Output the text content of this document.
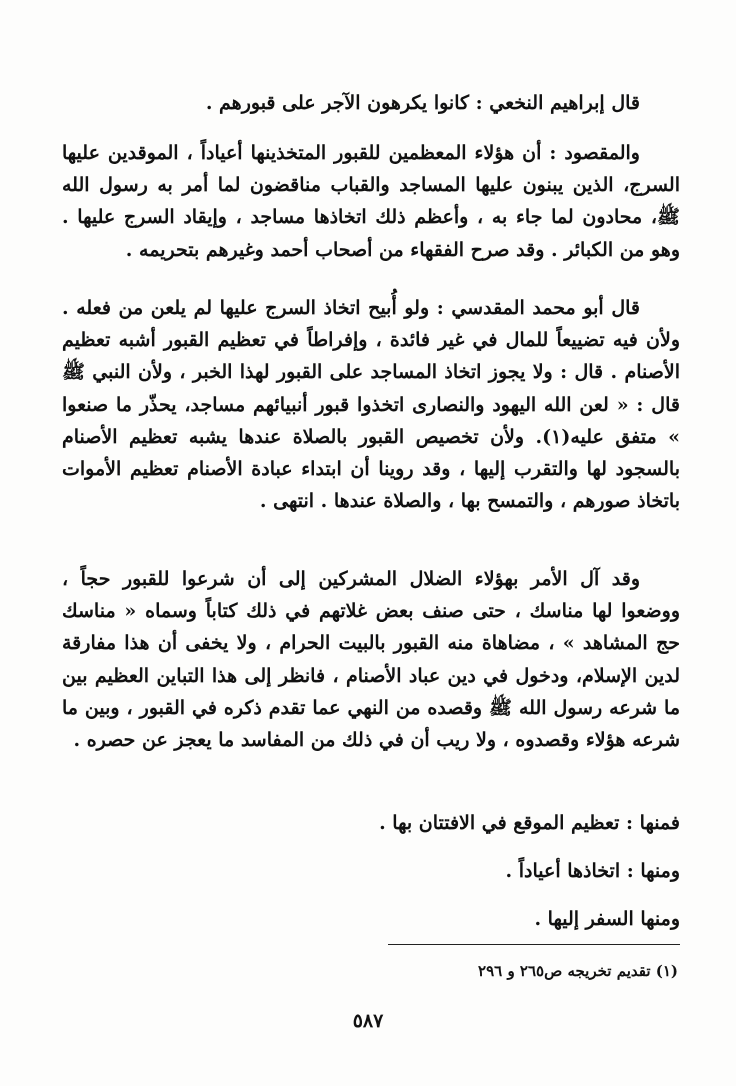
قال إبراهيم النخعي : كانوا يكرهون الآجر على قبورهم .

والمقصود : أن هؤلاء المعظمين للقبور المتخذينها أعياداً ، الموقدين عليها السرج، الذين يبنون عليها المساجد والقباب مناقضون لما أمر به رسول الله ﷺ، محادون لما جاء به ، وأعظم ذلك اتخاذها مساجد ، وإيقاد السرج عليها . وهو من الكبائر . وقد صرح الفقهاء من أصحاب أحمد وغيرهم بتحريمه .

قال أبو محمد المقدسي : ولو أُبيح اتخاذ السرج عليها لم يلعن من فعله . ولأن فيه تضييعاً للمال في غير فائدة ، وإفراطاً في تعظيم القبور أشبه تعظيم الأصنام . قال : ولا يجوز اتخاذ المساجد على القبور لهذا الخبر ، ولأن النبي ﷺ قال : « لعن الله اليهود والنصارى اتخذوا قبور أنبيائهم مساجد، يحذّر ما صنعوا » متفق عليه(١). ولأن تخصيص القبور بالصلاة عندها يشبه تعظيم الأصنام بالسجود لها والتقرب إليها ، وقد روينا أن ابتداء عبادة الأصنام تعظيم الأموات باتخاذ صورهم ، والتمسح بها ، والصلاة عندها . انتهى .

وقد آل الأمر بهؤلاء الضلال المشركين إلى أن شرعوا للقبور حجاً ، ووضعوا لها مناسك ، حتى صنف بعض غلاتهم في ذلك كتاباً وسماه « مناسك حج المشاهد » ، مضاهاة منه القبور بالبيت الحرام ، ولا يخفى أن هذا مفارقة لدين الإسلام، ودخول في دين عباد الأصنام ، فانظر إلى هذا التباين العظيم بين ما شرعه رسول الله ﷺ وقصده من النهي عما تقدم ذكره في القبور ، وبين ما شرعه هؤلاء وقصدوه ، ولا ريب أن في ذلك من المفاسد ما يعجز عن حصره .

فمنها : تعظيم الموقع في الافتتان بها .
ومنها : اتخاذها أعياداً .
ومنها السفر إليها .
(١) تقديم تخريجه ص٢٦٥ و ٢٩٦
٥٨٧
